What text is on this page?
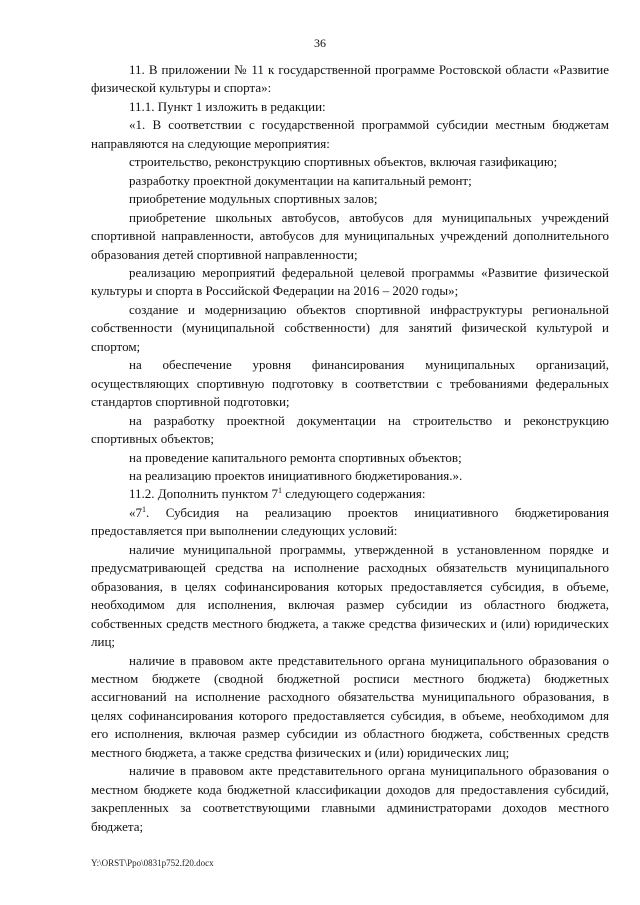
36

11. В приложении № 11 к государственной программе Ростовской области «Развитие физической культуры и спорта»:

11.1. Пункт 1 изложить в редакции:

«1. В соответствии с государственной программой субсидии местным бюджетам направляются на следующие мероприятия:

строительство, реконструкцию спортивных объектов, включая газификацию;

разработку проектной документации на капитальный ремонт;

приобретение модульных спортивных залов;

приобретение школьных автобусов, автобусов для муниципальных учреждений спортивной направленности, автобусов для муниципальных учреждений дополнительного образования детей спортивной направленности;

реализацию мероприятий федеральной целевой программы «Развитие физической культуры и спорта в Российской Федерации на 2016 – 2020 годы»;

создание и модернизацию объектов спортивной инфраструктуры региональной собственности (муниципальной собственности) для занятий физической культурой и спортом;

на обеспечение уровня финансирования муниципальных организаций, осуществляющих спортивную подготовку в соответствии с требованиями федеральных стандартов спортивной подготовки;

на разработку проектной документации на строительство и реконструкцию спортивных объектов;

на проведение капитального ремонта спортивных объектов;

на реализацию проектов инициативного бюджетирования.».

11.2. Дополнить пунктом $7^1$ следующего содержания:

«$7^1$. Субсидия на реализацию проектов инициативного бюджетирования предоставляется при выполнении следующих условий:

наличие муниципальной программы, утвержденной в установленном порядке и предусматривающей средства на исполнение расходных обязательств муниципального образования, в целях софинансирования которых предоставляется субсидия, в объеме, необходимом для исполнения, включая размер субсидии из областного бюджета, собственных средств местного бюджета, а также средства физических и (или) юридических лиц;

наличие в правовом акте представительного органа муниципального образования о местном бюджете (сводной бюджетной росписи местного бюджета) бюджетных ассигнований на исполнение расходного обязательства муниципального образования, в целях софинансирования которого предоставляется субсидия, в объеме, необходимом для его исполнения, включая размер субсидии из областного бюджета, собственных средств местного бюджета, а также средства физических и (или) юридических лиц;

наличие в правовом акте представительного органа муниципального образования о местном бюджете кода бюджетной классификации доходов для предоставления субсидий, закрепленных за соответствующими главными администраторами доходов местного бюджета;

Y:\ORST\Ppo\0831p752.f20.docx
